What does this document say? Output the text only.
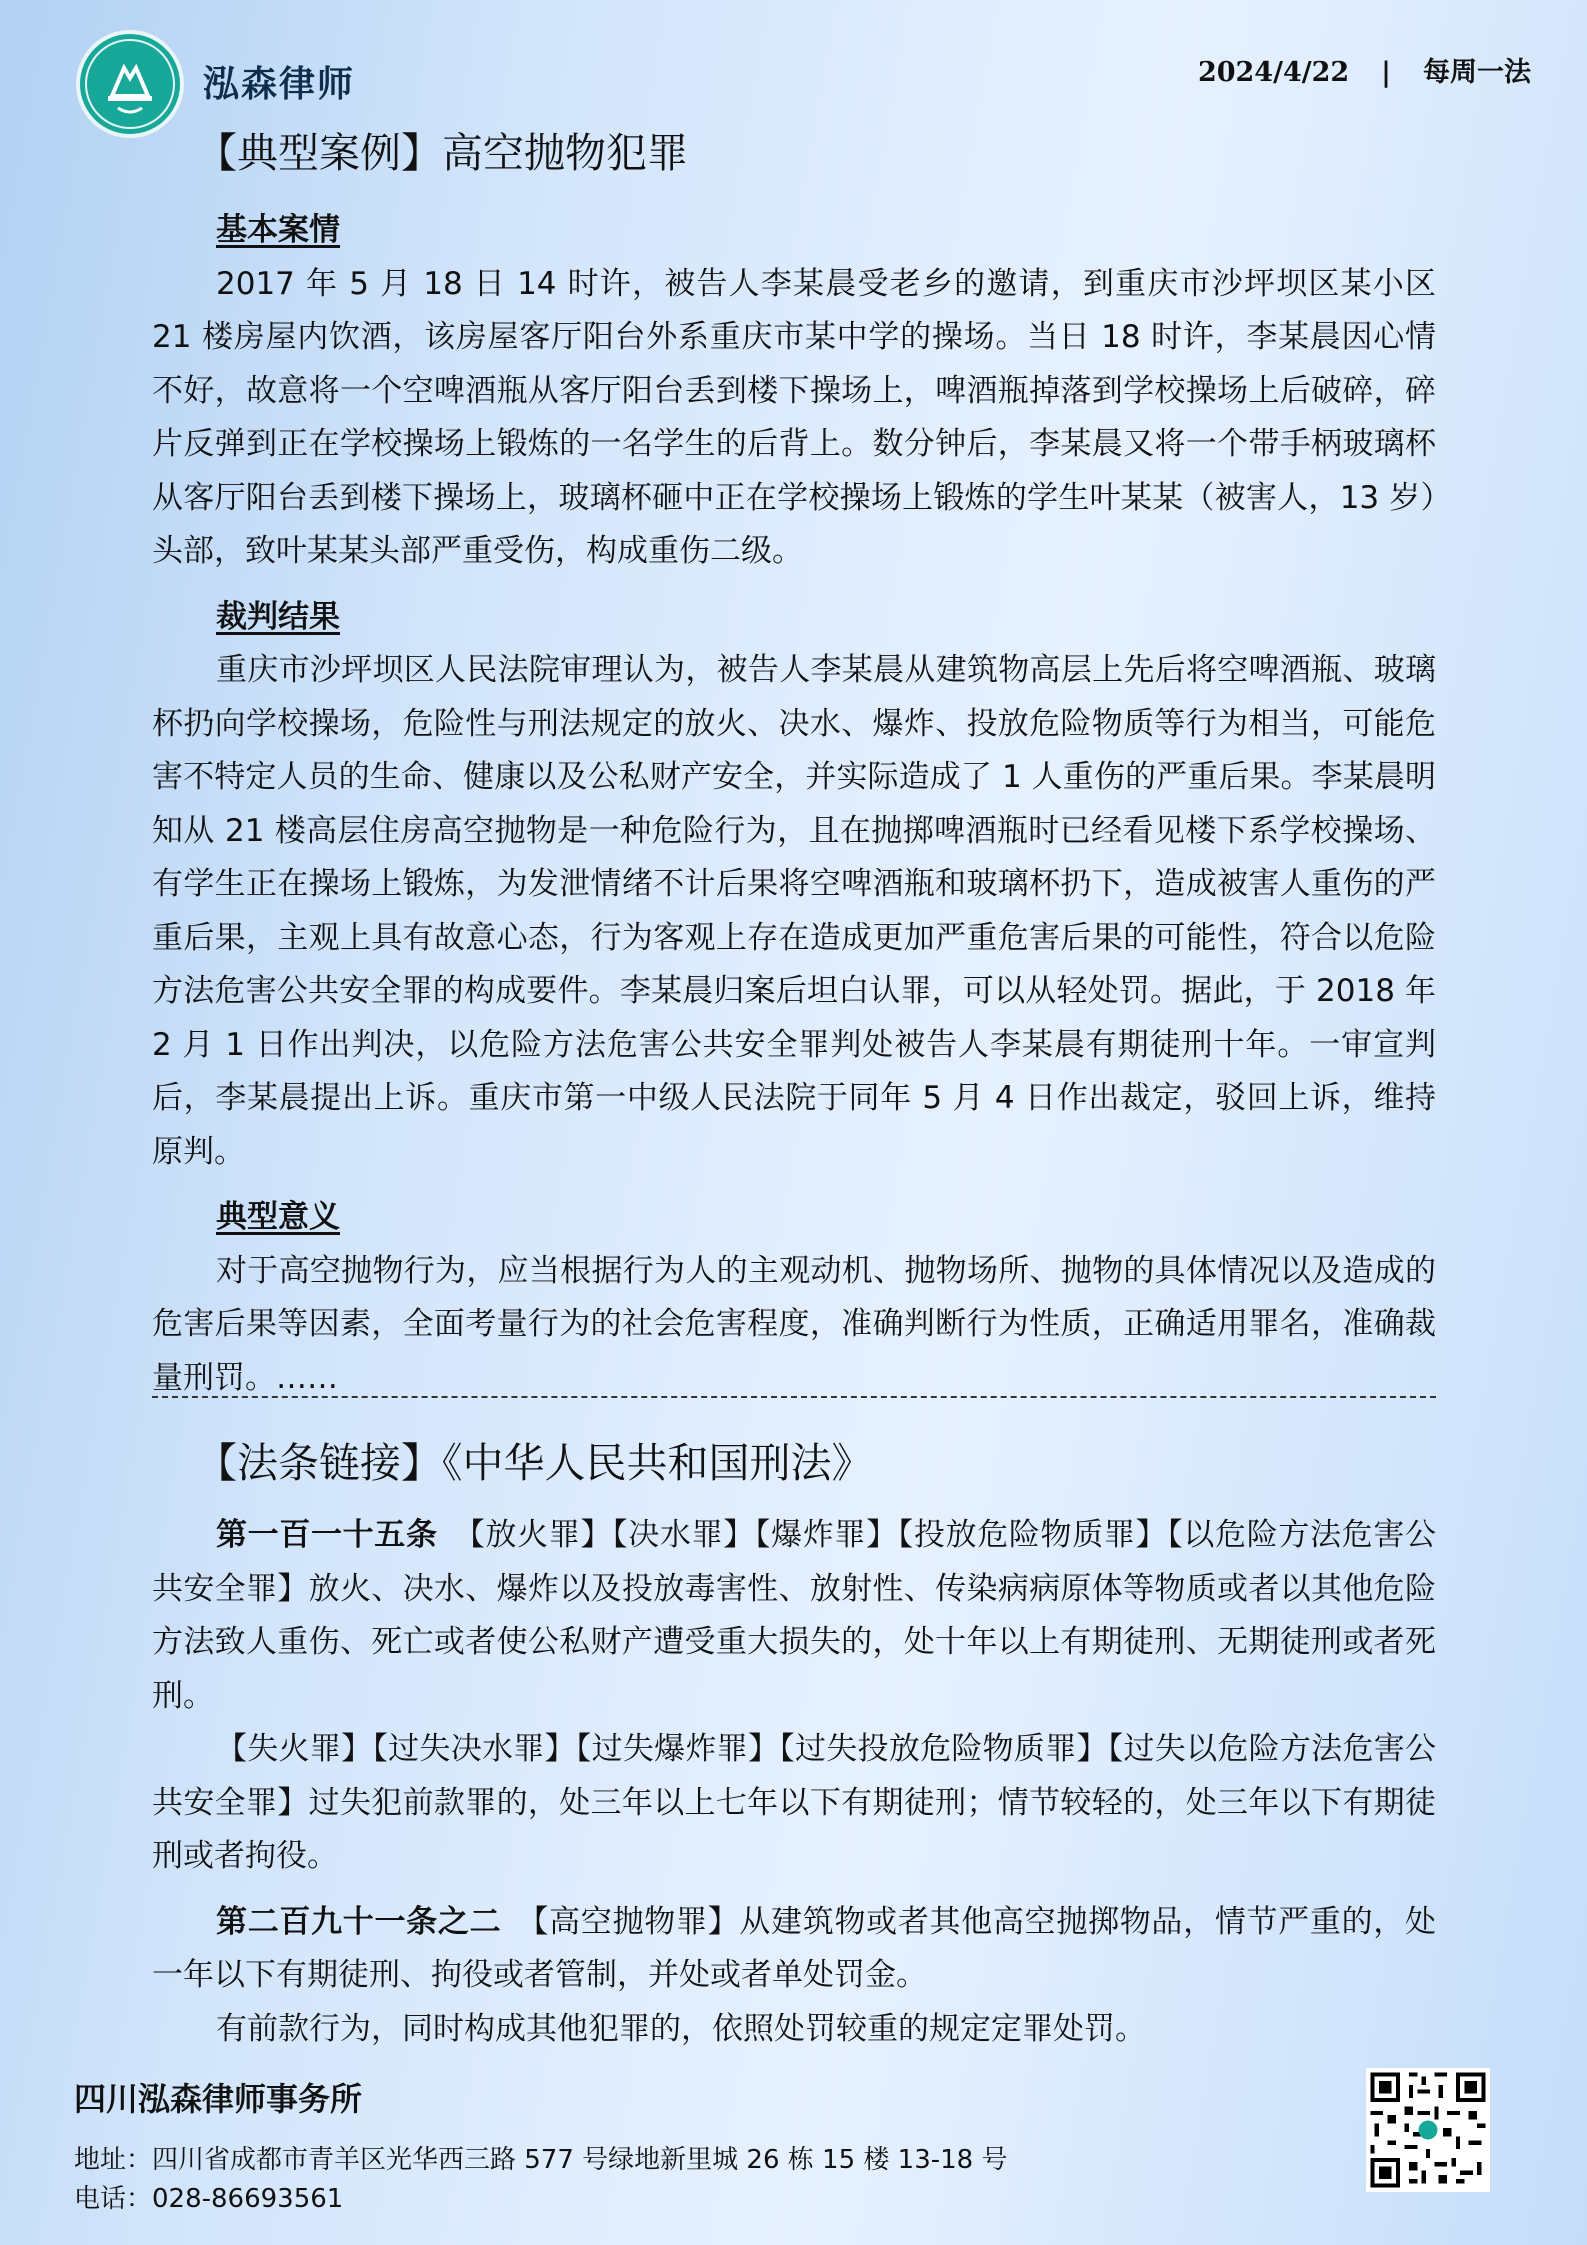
泓森律师	2024/4/22 | 每周一法
【典型案例】高空抛物犯罪

基本案情

2017 年 5 月 18 日 14 时许，被告人李某晨受老乡的邀请，到重庆市沙坪坝区某小区 21 楼房屋内饮酒，该房屋客厅阳台外系重庆市某中学的操场。当日 18 时许，李某晨因心情不好，故意将一个空啤酒瓶从客厅阳台丢到楼下操场上，啤酒瓶掉落到学校操场上后破碎，碎片反弹到正在学校操场上锻炼的一名学生的后背上。数分钟后，李某晨又将一个带手柄玻璃杯从客厅阳台丢到楼下操场上，玻璃杯砸中正在学校操场上锻炼的学生叶某某（被害人，13 岁）头部，致叶某某头部严重受伤，构成重伤二级。

裁判结果

重庆市沙坪坝区人民法院审理认为，被告人李某晨从建筑物高层上先后将空啤酒瓶、玻璃杯扔向学校操场，危险性与刑法规定的放火、决水、爆炸、投放危险物质等行为相当，可能危害不特定人员的生命、健康以及公私财产安全，并实际造成了 1 人重伤的严重后果。李某晨明知从 21 楼高层住房高空抛物是一种危险行为，且在抛掷啤酒瓶时已经看见楼下系学校操场、有学生正在操场上锻炼，为发泄情绪不计后果将空啤酒瓶和玻璃杯扔下，造成被害人重伤的严重后果，主观上具有故意心态，行为客观上存在造成更加严重危害后果的可能性，符合以危险方法危害公共安全罪的构成要件。李某晨归案后坦白认罪，可以从轻处罚。据此，于 2018 年 2 月 1 日作出判决，以危险方法危害公共安全罪判处被告人李某晨有期徒刑十年。一审宣判后，李某晨提出上诉。重庆市第一中级人民法院于同年 5 月 4 日作出裁定，驳回上诉，维持原判。

典型意义

对于高空抛物行为，应当根据行为人的主观动机、抛物场所、抛物的具体情况以及造成的危害后果等因素，全面考量行为的社会危害程度，准确判断行为性质，正确适用罪名，准确裁量刑罚。……

【法条链接】《中华人民共和国刑法》

第一百一十五条　 【放火罪】【决水罪】【爆炸罪】【投放危险物质罪】【以危险方法危害公共安全罪】放火、决水、爆炸以及投放毒害性、放射性、传染病病原体等物质或者以其他危险方法致人重伤、死亡或者使公私财产遭受重大损失的，处十年以上有期徒刑、无期徒刑或者死刑。

【失火罪】【过失决水罪】【过失爆炸罪】【过失投放危险物质罪】【过失以危险方法危害公共安全罪】过失犯前款罪的，处三年以上七年以下有期徒刑；情节较轻的，处三年以下有期徒刑或者拘役。

第二百九十一条之二　 【高空抛物罪】从建筑物或者其他高空抛掷物品，情节严重的，处一年以下有期徒刑、拘役或者管制，并处或者单处罚金。

有前款行为，同时构成其他犯罪的，依照处罚较重的规定定罪处罚。

四川泓森律师事务所
地址：四川省成都市青羊区光华西三路 577 号绿地新里城 26 栋 15 楼 13-18 号
电话：028-86693561
